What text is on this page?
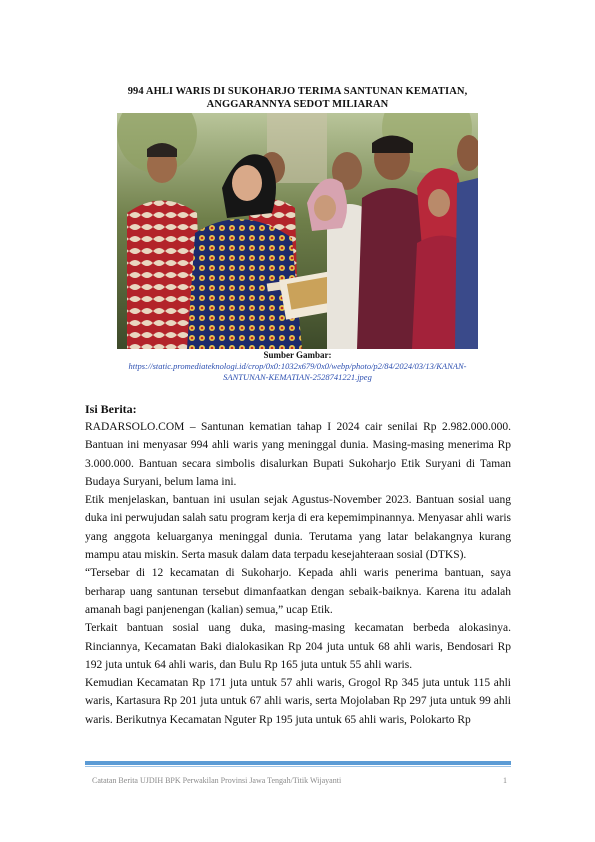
994 AHLI WARIS DI SUKOHARJO TERIMA SANTUNAN KEMATIAN,
ANGGARANNYA SEDOT MILIARAN
Sumber Gambar:
https://static.promediateknologi.id/crop/0x0:1032x679/0x0/webp/photo/p2/84/2024/03/13/KANAN-
SANTUNAN-KEMATIAN-2528741221.jpeg
Isi Berita:

RADARSOLO.COM – Santunan kematian tahap I 2024 cair senilai Rp 2.982.000.000. Bantuan ini menyasar 994 ahli waris yang meninggal dunia. Masing-masing menerima Rp 3.000.000. Bantuan secara simbolis disalurkan Bupati Sukoharjo Etik Suryani di Taman Budaya Suryani, belum lama ini.

Etik menjelaskan, bantuan ini usulan sejak Agustus-November 2023. Bantuan sosial uang duka ini perwujudan salah satu program kerja di era kepemimpinannya. Menyasar ahli waris yang anggota keluarganya meninggal dunia. Terutama yang latar belakangnya kurang mampu atau miskin. Serta masuk dalam data terpadu kesejahteraan sosial (DTKS).

“Tersebar di 12 kecamatan di Sukoharjo. Kepada ahli waris penerima bantuan, saya berharap uang santunan tersebut dimanfaatkan dengan sebaik-baiknya. Karena itu adalah amanah bagi panjenengan (kalian) semua,” ucap Etik.

Terkait bantuan sosial uang duka, masing-masing kecamatan berbeda alokasinya. Rinciannya, Kecamatan Baki dialokasikan Rp 204 juta untuk 68 ahli waris, Bendosari Rp 192 juta untuk 64 ahli waris, dan Bulu Rp 165 juta untuk 55 ahli waris.

Kemudian Kecamatan Rp 171 juta untuk 57 ahli waris, Grogol Rp 345 juta untuk 115 ahli waris, Kartasura Rp 201 juta untuk 67 ahli waris, serta Mojolaban Rp 297 juta untuk 99 ahli waris. Berikutnya Kecamatan Nguter Rp 195 juta untuk 65 ahli waris, Polokarto Rp

Catatan Berita UJDIH BPK Perwakilan Provinsi Jawa Tengah/Titik Wijayanti	1
